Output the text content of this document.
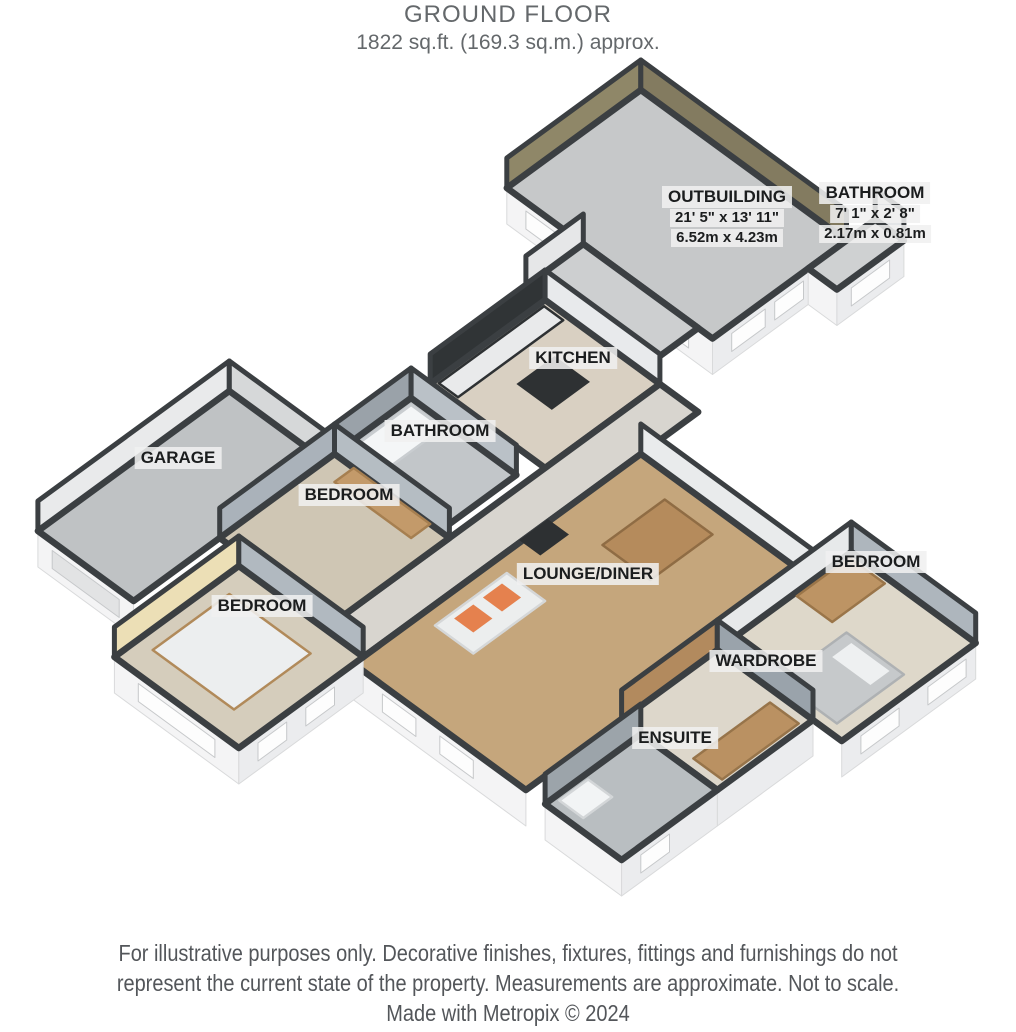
GROUND FLOOR
1822 sq.ft. (169.3 sq.m.) approx.
OUTBUILDING
21' 5" x 13' 11"
6.52m x 4.23m
BATHROOM
7' 1" x 2' 8"
2.17m x 0.81m
KITCHEN
BATHROOM
GARAGE
BEDROOM
BEDROOM
LOUNGE/DINER
BEDROOM
WARDROBE
ENSUITE
For illustrative purposes only. Decorative finishes, fixtures, fittings and furnishings do not
represent the current state of the property. Measurements are approximate. Not to scale.
Made with Metropix © 2024
